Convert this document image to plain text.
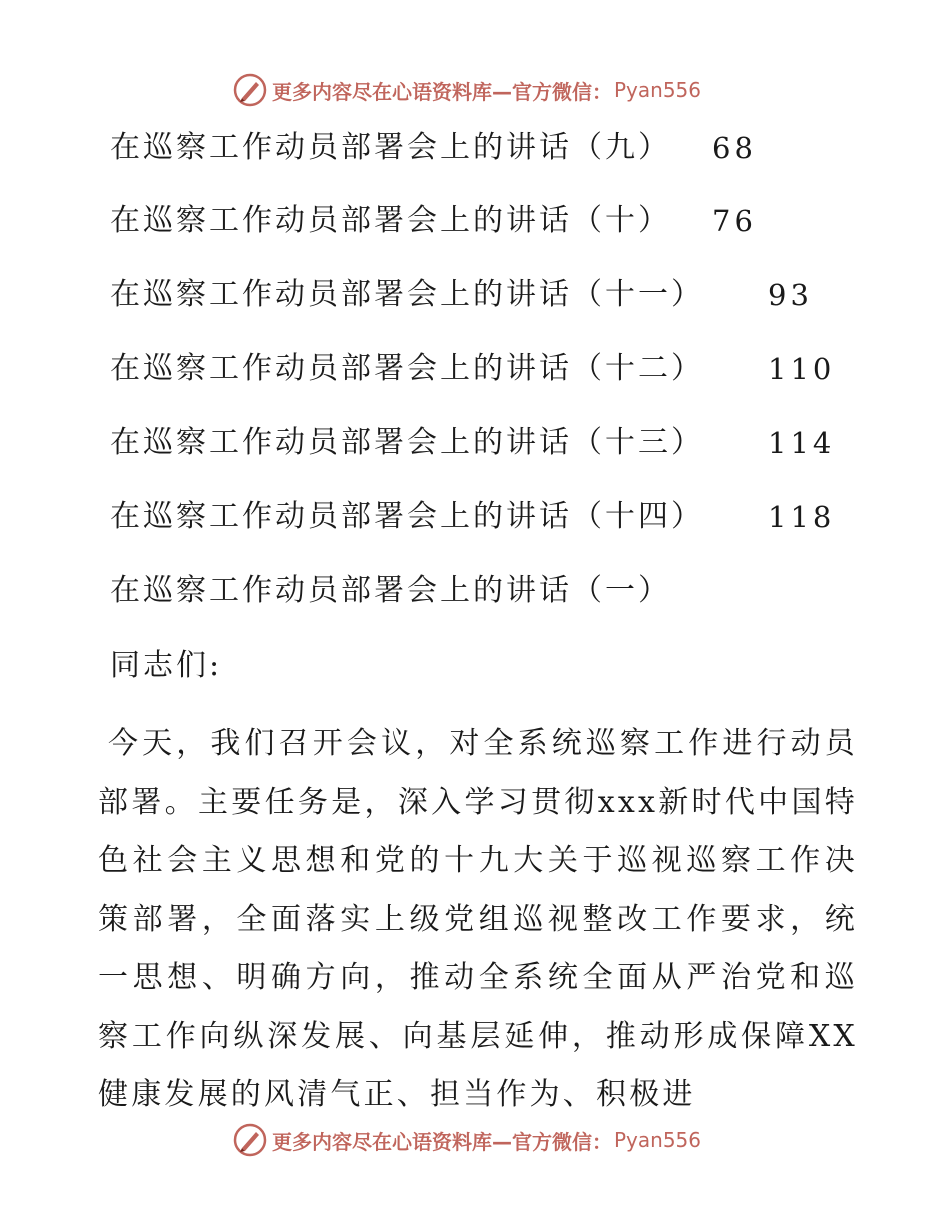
更多内容尽在心语资料库—官方微信： Pyan556
在巡察工作动员部署会上的讲话（九） 68
在巡察工作动员部署会上的讲话（十） 76
在巡察工作动员部署会上的讲话（十一） 93
在巡察工作动员部署会上的讲话（十二） 110
在巡察工作动员部署会上的讲话（十三） 114
在巡察工作动员部署会上的讲话（十四） 118
在巡察工作动员部署会上的讲话（一）
同志们:
今天，我们召开会议，对全系统巡察工作进行动员部署。主要任务是，深入学习贯彻xxx新时代中国特色社会主义思想和党的十九大关于巡视巡察工作决策部署，全面落实上级党组巡视整改工作要求，统一思想、明确方向，推动全系统全面从严治党和巡察工作向纵深发展、向基层延伸，推动形成保障XX健康发展的风清气正、担当作为、积极进
更多内容尽在心语资料库—官方微信： Pyan556
